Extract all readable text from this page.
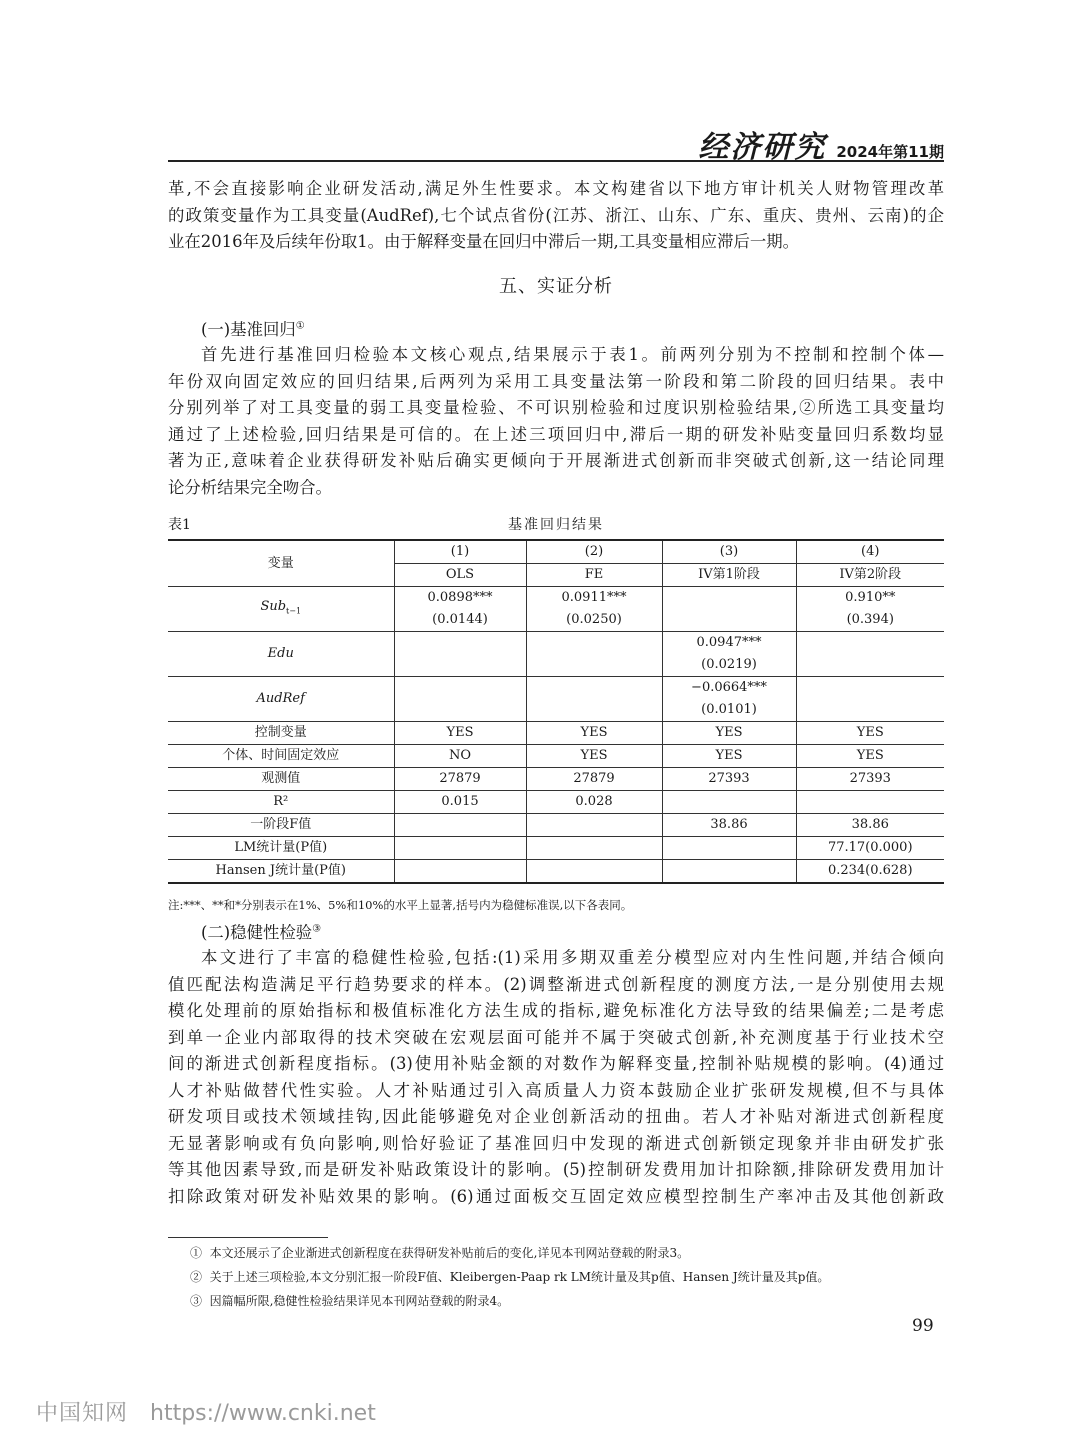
经济研究 2024年第11期
革,不会直接影响企业研发活动,满足外生性要求。本文构建省以下地方审计机关人财物管理改革
的政策变量作为工具变量(AudRef),七个试点省份(江苏、浙江、山东、广东、重庆、贵州、云南)的企
业在2016年及后续年份取1。由于解释变量在回归中滞后一期,工具变量相应滞后一期。
五、实证分析
(一)基准回归①
首先进行基准回归检验本文核心观点,结果展示于表1。前两列分别为不控制和控制个体—
年份双向固定效应的回归结果,后两列为采用工具变量法第一阶段和第二阶段的回归结果。表中
分别列举了对工具变量的弱工具变量检验、不可识别检验和过度识别检验结果,②所选工具变量均
通过了上述检验,回归结果是可信的。在上述三项回归中,滞后一期的研发补贴变量回归系数均显
著为正,意味着企业获得研发补贴后确实更倾向于开展渐进式创新而非突破式创新,这一结论同理
论分析结果完全吻合。
表1	基准回归结果
变量	(1)	(2)	(3)	(4)
	OLS	FE	IV第1阶段	IV第2阶段
Sub$_{t-1}$	0.0898***	0.0911***		0.910**
	(0.0144)	(0.0250)		(0.394)
Edu			0.0947***	
			(0.0219)	
AudRef			−0.0664***	
			(0.0101)	
控制变量	YES	YES	YES	YES
个体、时间固定效应	NO	YES	YES	YES
观测值	27879	27879	27393	27393
R²	0.015	0.028		
一阶段F值			38.86	38.86
LM统计量(P值)				77.17(0.000)
Hansen J统计量(P值)				0.234(0.628)
注:***、**和*分别表示在1%、5%和10%的水平上显著,括号内为稳健标准误,以下各表同。
(二)稳健性检验③
本文进行了丰富的稳健性检验,包括:(1)采用多期双重差分模型应对内生性问题,并结合倾向
值匹配法构造满足平行趋势要求的样本。(2)调整渐进式创新程度的测度方法,一是分别使用去规
模化处理前的原始指标和极值标准化方法生成的指标,避免标准化方法导致的结果偏差;二是考虑
到单一企业内部取得的技术突破在宏观层面可能并不属于突破式创新,补充测度基于行业技术空
间的渐进式创新程度指标。(3)使用补贴金额的对数作为解释变量,控制补贴规模的影响。(4)通过
人才补贴做替代性实验。人才补贴通过引入高质量人力资本鼓励企业扩张研发规模,但不与具体
研发项目或技术领域挂钩,因此能够避免对企业创新活动的扭曲。若人才补贴对渐进式创新程度
无显著影响或有负向影响,则恰好验证了基准回归中发现的渐进式创新锁定现象并非由研发扩张
等其他因素导致,而是研发补贴政策设计的影响。(5)控制研发费用加计扣除额,排除研发费用加计
扣除政策对研发补贴效果的影响。(6)通过面板交互固定效应模型控制生产率冲击及其他创新政
① 本文还展示了企业渐进式创新程度在获得研发补贴前后的变化,详见本刊网站登载的附录3。
② 关于上述三项检验,本文分别汇报一阶段F值、Kleibergen-Paap rk LM统计量及其p值、Hansen J统计量及其p值。
③ 因篇幅所限,稳健性检验结果详见本刊网站登载的附录4。
99
中国知网 https://www.cnki.net
